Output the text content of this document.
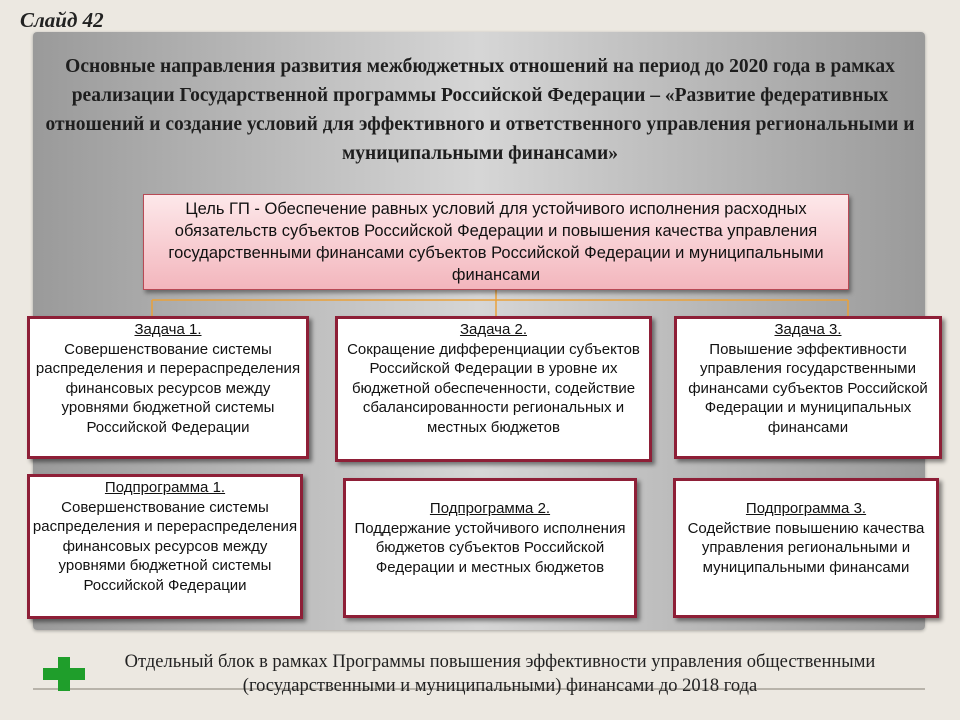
Слайд 42
Основные направления развития межбюджетных отношений на период до 2020 года в рамках реализации Государственной программы Российской Федерации – «Развитие федеративных отношений и создание условий для эффективного и ответственного управления региональными и муниципальными финансами»
Цель ГП - Обеспечение равных условий для устойчивого исполнения расходных обязательств субъектов Российской Федерации и повышения качества управления государственными финансами субъектов Российской Федерации и муниципальными финансами
Задача 1.
Совершенствование системы распределения и перераспределения финансовых ресурсов между уровнями бюджетной системы Российской Федерации
Задача 2.
Сокращение дифференциации субъектов Российской Федерации в уровне их бюджетной обеспеченности, содействие сбалансированности региональных и местных бюджетов
Задача 3.
Повышение эффективности управления государственными финансами субъектов Российской Федерации и муниципальных финансами
Подпрограмма 1.
Совершенствование системы распределения и перераспределения финансовых ресурсов между уровнями бюджетной системы Российской Федерации
Подпрограмма 2.
Поддержание устойчивого исполнения бюджетов субъектов Российской Федерации и местных бюджетов
Подпрограмма 3.
Содействие повышению качества управления региональными и муниципальными финансами

Отдельный блок в рамках Программы повышения эффективности управления общественными (государственными и муниципальными) финансами до 2018 года
